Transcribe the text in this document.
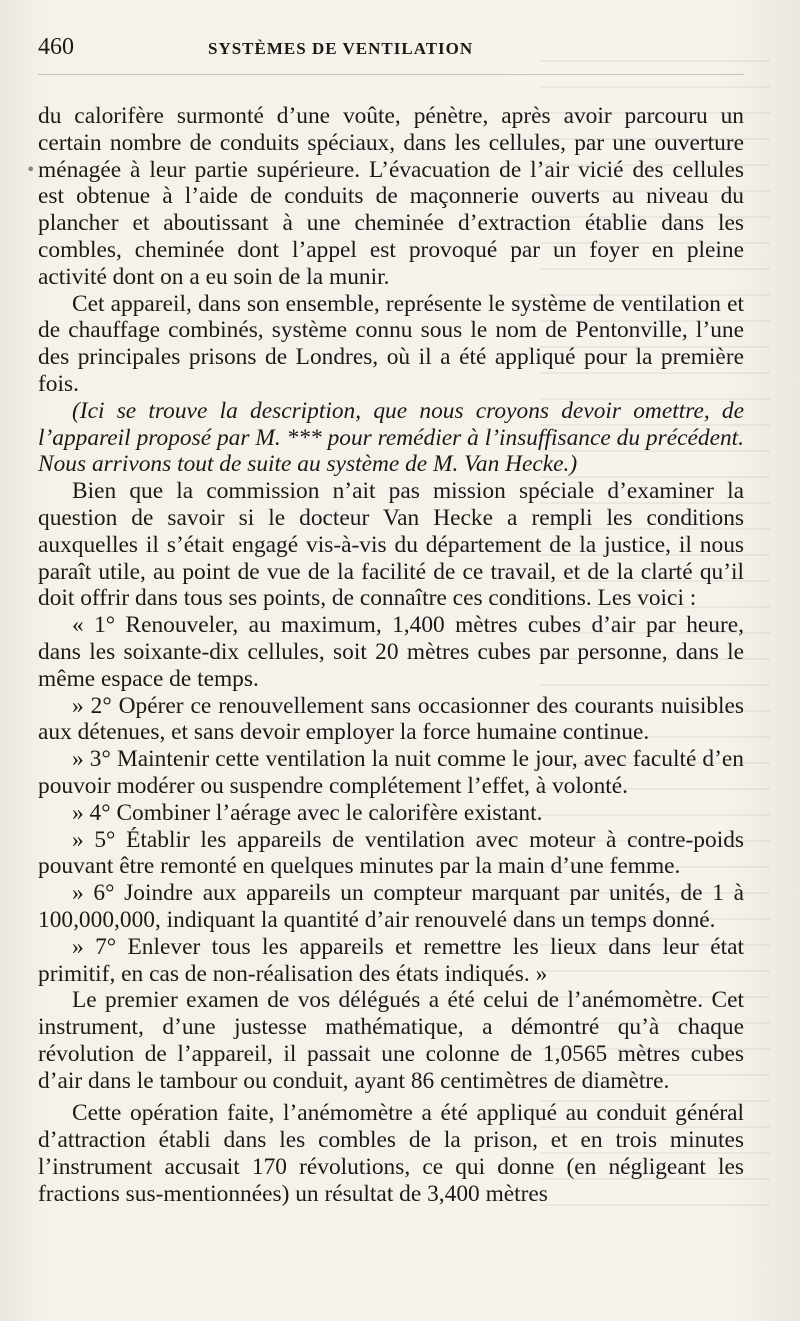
•
460	SYSTÈMES DE VENTILATION

du calorifère surmonté d’une voûte, pénètre, après avoir parcouru un certain nombre de conduits spéciaux, dans les cellules, par une ouverture ménagée à leur partie supérieure. L’évacuation de l’air vicié des cellules est obtenue à l’aide de conduits de maçonnerie ouverts au niveau du plancher et aboutissant à une cheminée d’extraction établie dans les combles, cheminée dont l’appel est provoqué par un foyer en pleine activité dont on a eu soin de la munir.

Cet appareil, dans son ensemble, représente le système de ventilation et de chauffage combinés, système connu sous le nom de Pentonville, l’une des principales prisons de Londres, où il a été appliqué pour la première fois.

(Ici se trouve la description, que nous croyons devoir omettre, de l’appareil proposé par M. *** pour remédier à l’insuffisance du précédent. Nous arrivons tout de suite au système de M. Van Hecke.)

Bien que la commission n’ait pas mission spéciale d’examiner la question de savoir si le docteur Van Hecke a rempli les conditions auxquelles il s’était engagé vis-à-vis du département de la justice, il nous paraît utile, au point de vue de la facilité de ce travail, et de la clarté qu’il doit offrir dans tous ses points, de connaître ces conditions. Les voici :

« 1° Renouveler, au maximum, 1,400 mètres cubes d’air par heure, dans les soixante-dix cellules, soit 20 mètres cubes par personne, dans le même espace de temps.

» 2° Opérer ce renouvellement sans occasionner des courants nuisibles aux détenues, et sans devoir employer la force humaine continue.

» 3° Maintenir cette ventilation la nuit comme le jour, avec faculté d’en pouvoir modérer ou suspendre complétement l’effet, à volonté.

» 4° Combiner l’aérage avec le calorifère existant.

» 5° Établir les appareils de ventilation avec moteur à contre-poids pouvant être remonté en quelques minutes par la main d’une femme.

» 6° Joindre aux appareils un compteur marquant par unités, de 1 à 100,000,000, indiquant la quantité d’air renouvelé dans un temps donné.

» 7° Enlever tous les appareils et remettre les lieux dans leur état primitif, en cas de non-réalisation des états indiqués. »

Le premier examen de vos délégués a été celui de l’anémomètre. Cet instrument, d’une justesse mathématique, a démontré qu’à chaque révolution de l’appareil, il passait une colonne de 1,0565 mètres cubes d’air dans le tambour ou conduit, ayant 86 centimètres de diamètre.

Cette opération faite, l’anémomètre a été appliqué au conduit général d’attraction établi dans les combles de la prison, et en trois minutes l’instrument accusait 170 révolutions, ce qui donne (en négligeant les fractions sus-mentionnées) un résultat de 3,400 mètres
